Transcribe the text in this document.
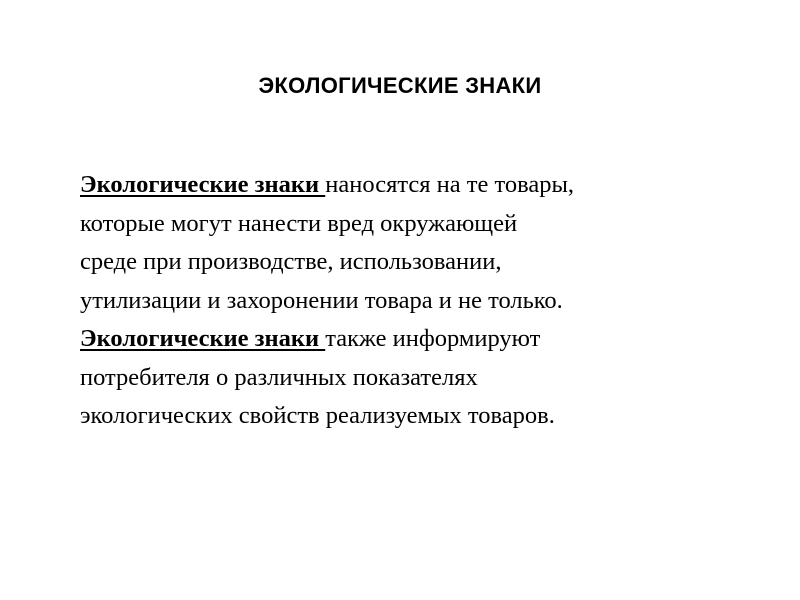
ЭКОЛОГИЧЕСКИЕ ЗНАКИ
Экологические знаки наносятся на те товары,
которые могут нанести вред окружающей
среде при производстве, использовании,
утилизации и захоронении товара и не только.
Экологические знаки также информируют
потребителя о различных показателях
экологических свойств реализуемых товаров.
